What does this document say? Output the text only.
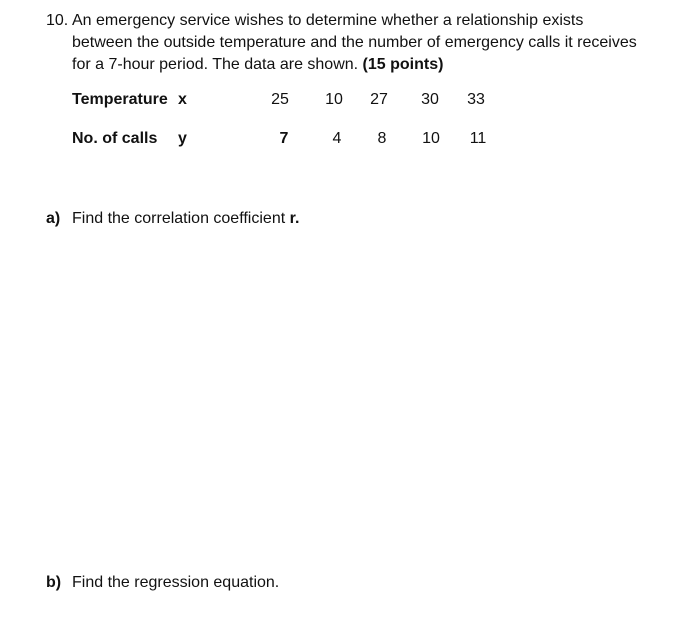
10. An emergency service wishes to determine whether a relationship exists
between the outside temperature and the number of emergency calls it receives
for a 7-hour period. The data are shown. (15 points)
Temperature x	25	10	27	30	33
No. of calls y	7	4	8	10	11
a) Find the correlation coefficient r.
b) Find the regression equation.
